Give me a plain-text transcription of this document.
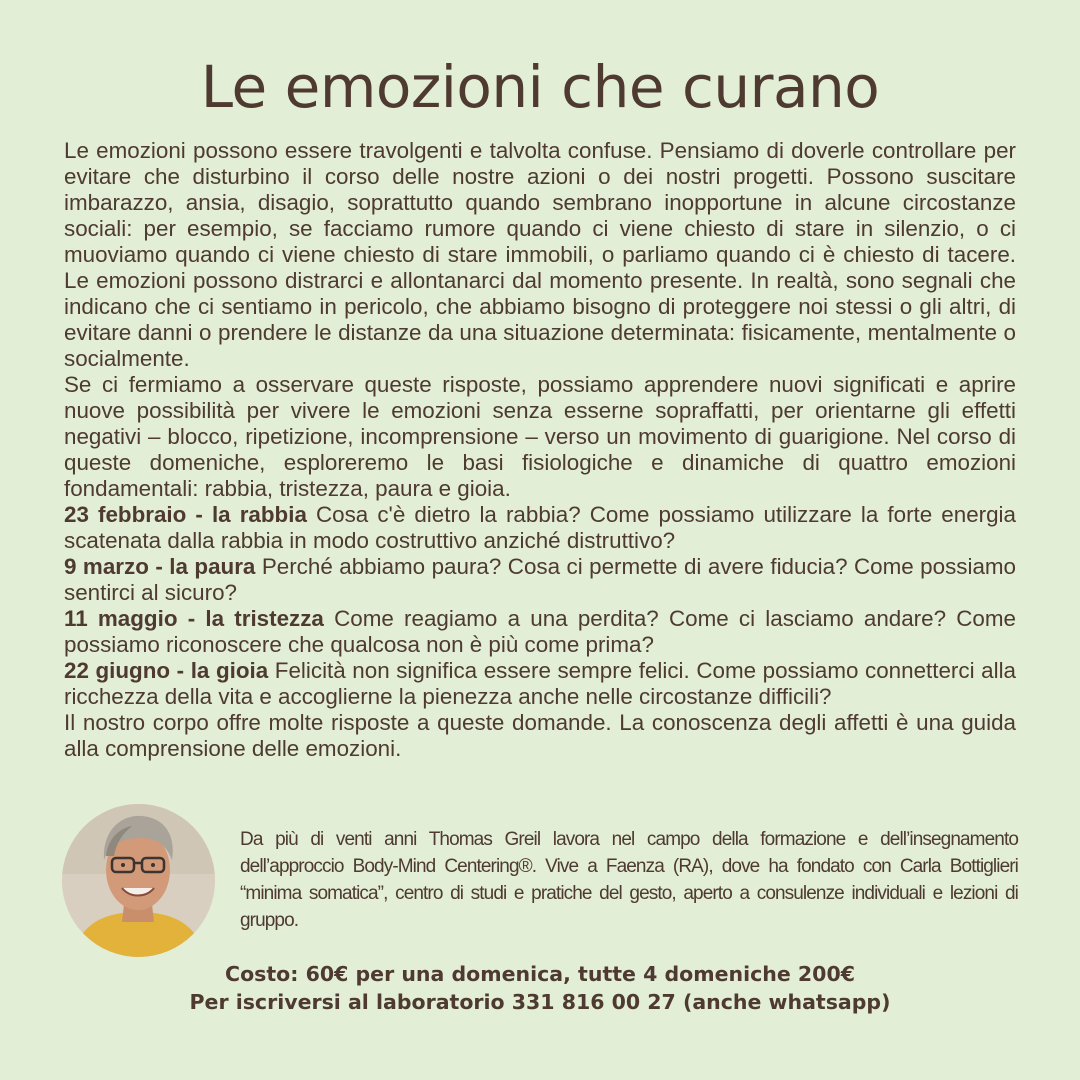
Le emozioni che curano

Le emozioni possono essere travolgenti e talvolta confuse. Pensiamo di doverle controllare per evitare che disturbino il corso delle nostre azioni o dei nostri progetti. Possono suscitare imbarazzo, ansia, disagio, soprattutto quando sembrano inopportune in alcune circostanze sociali: per esempio, se facciamo rumore quando ci viene chiesto di stare in silenzio, o ci muoviamo quando ci viene chiesto di stare immobili, o parliamo quando ci è chiesto di tacere. Le emozioni possono distrarci e allontanarci dal momento presente. In realtà, sono segnali che indicano che ci sentiamo in pericolo, che abbiamo bisogno di proteggere noi stessi o gli altri, di evitare danni o prendere le distanze da una situazione determinata: fisicamente, mentalmente o socialmente.

Se ci fermiamo a osservare queste risposte, possiamo apprendere nuovi significati e aprire nuove possibilità per vivere le emozioni senza esserne sopraffatti, per orientarne gli effetti negativi – blocco, ripetizione, incomprensione – verso un movimento di guarigione. Nel corso di queste domeniche, esploreremo le basi fisiologiche e dinamiche di quattro emozioni fondamentali: rabbia, tristezza, paura e gioia.

23 febbraio - la rabbia Cosa c'è dietro la rabbia? Come possiamo utilizzare la forte energia scatenata dalla rabbia in modo costruttivo anziché distruttivo?

9 marzo - la paura Perché abbiamo paura? Cosa ci permette di avere fiducia? Come possiamo sentirci al sicuro?

11 maggio - la tristezza Come reagiamo a una perdita? Come ci lasciamo andare? Come possiamo riconoscere che qualcosa non è più come prima?

22 giugno - la gioia Felicità non significa essere sempre felici. Come possiamo connetterci alla ricchezza della vita e accoglierne la pienezza anche nelle circostanze difficili?

Il nostro corpo offre molte risposte a queste domande. La conoscenza degli affetti è una guida alla comprensione delle emozioni.

Da più di venti anni Thomas Greil lavora nel campo della formazione e dell’insegnamento dell’approccio Body-Mind Centering®. Vive a Faenza (RA), dove ha fondato con Carla Bottiglieri “minima somatica”, centro di studi e pratiche del gesto, aperto a consulenze individuali e lezioni di gruppo.
Costo: 60€ per una domenica, tutte 4 domeniche 200€
Per iscriversi al laboratorio 331 816 00 27 (anche whatsapp)
